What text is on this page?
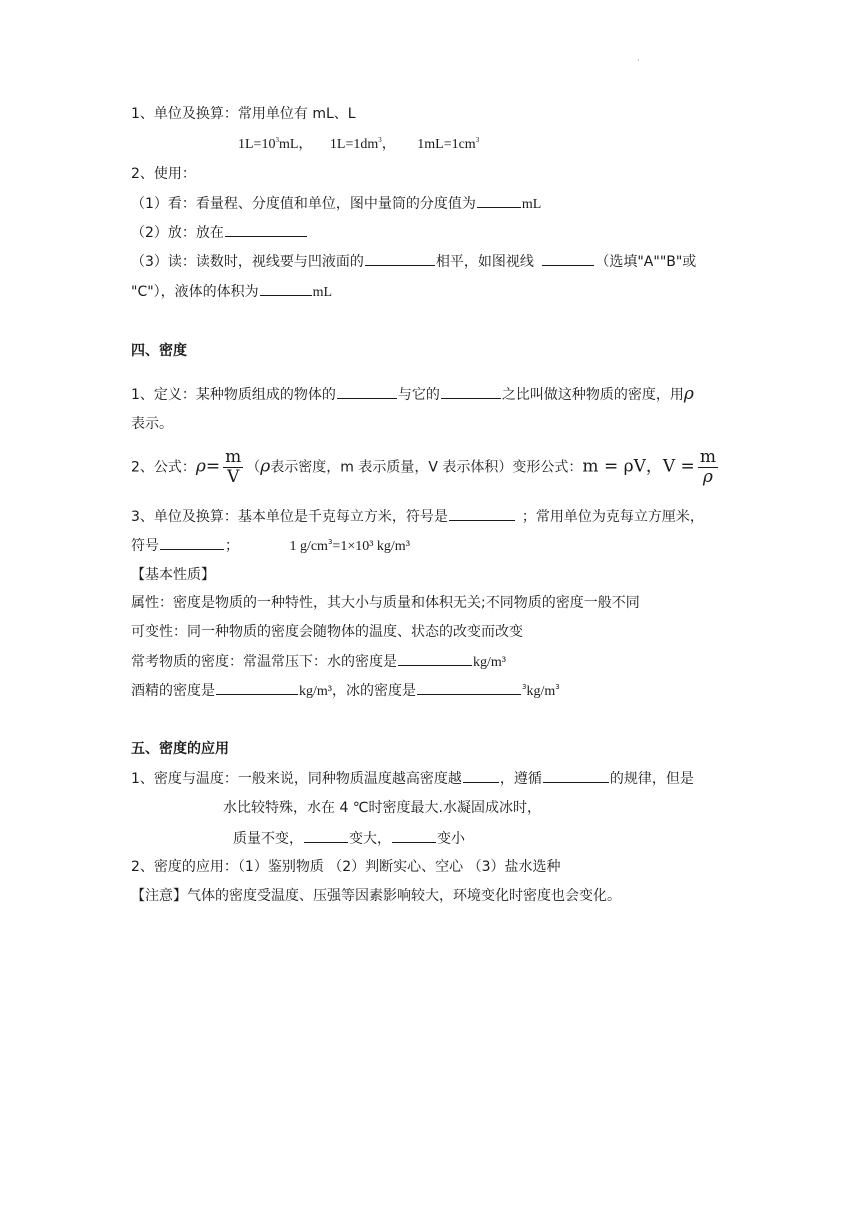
·
1、单位及换算：常用单位有 mL、L
$1L=10^3mL$， $1L=1dm^3$， $1mL=1cm^3$
2、使用：
（1）看：看量程、分度值和单位，图中量筒的分度值为	mL
（2）放：放在
（3）读：读数时，视线要与凹液面的	相平，如图视线	（选填"A""B"或
"C"），液体的体积为	mL
四、密度
1、定义：某种物质组成的物体的	与它的	之比叫做这种物质的密度，用ρ
表示。
2、公式：$\rho= \frac{m}{V} (\rho$表示密度，m 表示质量，V 表示体积）变形公式：m = ρV，$V = \frac{m}{\rho}$
3、单位及换算：基本单位是千克每立方米，符号是	；常用单位为克每立方厘米，
符号	；	1 $g/cm^3=1\times 10^3$ kg/m³
【基本性质】
属性：密度是物质的一种特性，其大小与质量和体积无关;不同物质的密度一般不同
可变性：同一种物质的密度会随物体的温度、状态的改变而改变
常考物质的密度：常温常压下：水的密度是	kg/m³
酒精的密度是	kg/m³，冰的密度是	$^3kg/m^3$
五、密度的应用
1、密度与温度：一般来说，同种物质温度越高密度越	，遵循	的规律，但是
水比较特殊，水在 4 ℃时密度最大.水凝固成冰时，
质量不变，	变大，	变小
2、密度的应用：（1）鉴别物质 （2）判断实心、空心 （3）盐水选种
【注意】气体的密度受温度、压强等因素影响较大，环境变化时密度也会变化。
